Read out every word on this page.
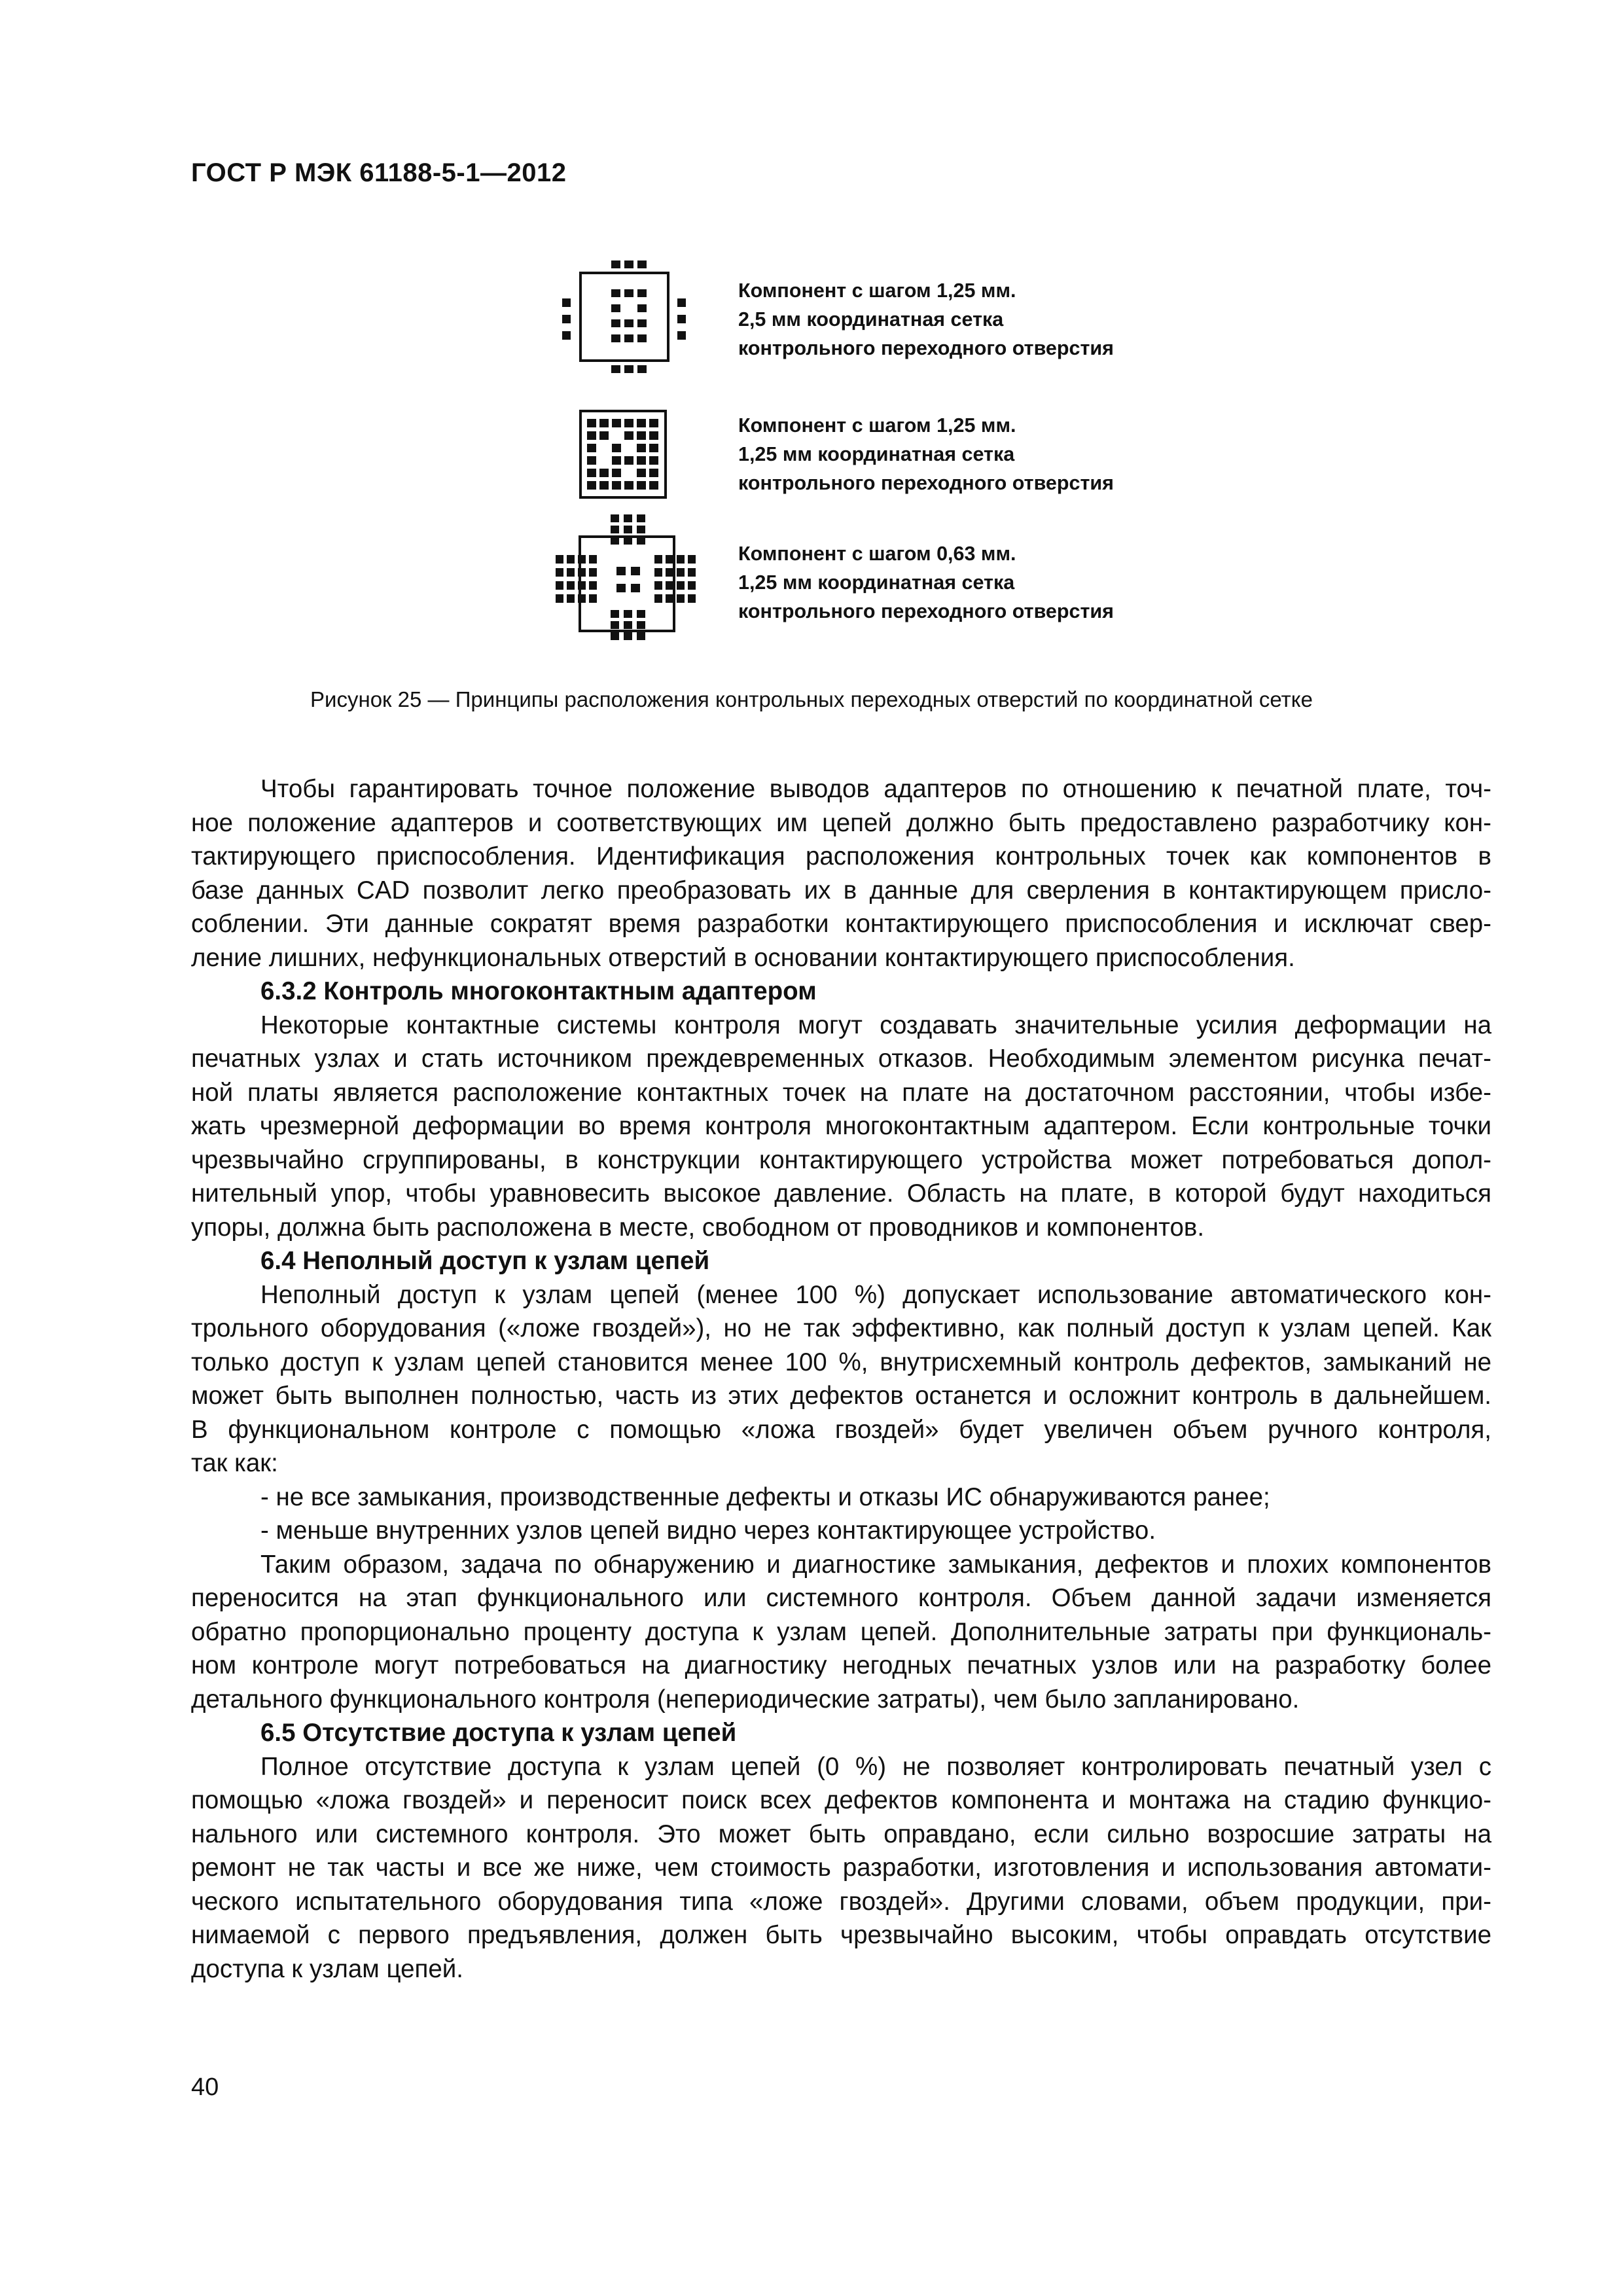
ГОСТ Р МЭК 61188-5-1—2012
Компонент с шагом 1,25 мм.
2,5 мм координатная сетка
контрольного переходного отверстия
Компонент с шагом 1,25 мм.
1,25 мм координатная сетка
контрольного переходного отверстия
Компонент с шагом 0,63 мм.
1,25 мм координатная сетка
контрольного переходного отверстия
Рисунок 25 — Принципы расположения контрольных переходных отверстий по координатной сетке
Чтобы гарантировать точное положение выводов адаптеров по отношению к печатной плате, точ-
ное положение адаптеров и соответствующих им цепей должно быть предоставлено разработчику кон-
тактирующего приспособления. Идентификация расположения контрольных точек как компонентов в
базе данных CAD позволит легко преобразовать их в данные для сверления в контактирующем присло-
соблении. Эти данные сократят время разработки контактирующего приспособления и исключат свер-
ление лишних, нефункциональных отверстий в основании контактирующего приспособления.
6.3.2 Контроль многоконтактным адаптером
Некоторые контактные системы контроля могут создавать значительные усилия деформации на
печатных узлах и стать источником преждевременных отказов. Необходимым элементом рисунка печат-
ной платы является расположение контактных точек на плате на достаточном расстоянии, чтобы избе-
жать чрезмерной деформации во время контроля многоконтактным адаптером. Если контрольные точки
чрезвычайно сгруппированы, в конструкции контактирующего устройства может потребоваться допол-
нительный упор, чтобы уравновесить высокое давление. Область на плате, в которой будут находиться
упоры, должна быть расположена в месте, свободном от проводников и компонентов.
6.4 Неполный доступ к узлам цепей
Неполный доступ к узлам цепей (менее 100 %) допускает использование автоматического кон-
трольного оборудования («ложе гвоздей»), но не так эффективно, как полный доступ к узлам цепей. Как
только доступ к узлам цепей становится менее 100 %, внутрисхемный контроль дефектов, замыканий не
может быть выполнен полностью, часть из этих дефектов останется и осложнит контроль в дальнейшем.
В функциональном контроле с помощью «ложа гвоздей» будет увеличен объем ручного контроля,
так как:
- не все замыкания, производственные дефекты и отказы ИС обнаруживаются ранее;
- меньше внутренних узлов цепей видно через контактирующее устройство.
Таким образом, задача по обнаружению и диагностике замыкания, дефектов и плохих компонентов
переносится на этап функционального или системного контроля. Объем данной задачи изменяется
обратно пропорционально проценту доступа к узлам цепей. Дополнительные затраты при функциональ-
ном контроле могут потребоваться на диагностику негодных печатных узлов или на разработку более
детального функционального контроля (непериодические затраты), чем было запланировано.
6.5 Отсутствие доступа к узлам цепей
Полное отсутствие доступа к узлам цепей (0 %) не позволяет контролировать печатный узел с
помощью «ложа гвоздей» и переносит поиск всех дефектов компонента и монтажа на стадию функцио-
нального или системного контроля. Это может быть оправдано, если сильно возросшие затраты на
ремонт не так часты и все же ниже, чем стоимость разработки, изготовления и использования автомати-
ческого испытательного оборудования типа «ложе гвоздей». Другими словами, объем продукции, при-
нимаемой с первого предъявления, должен быть чрезвычайно высоким, чтобы оправдать отсутствие
доступа к узлам цепей.
40
